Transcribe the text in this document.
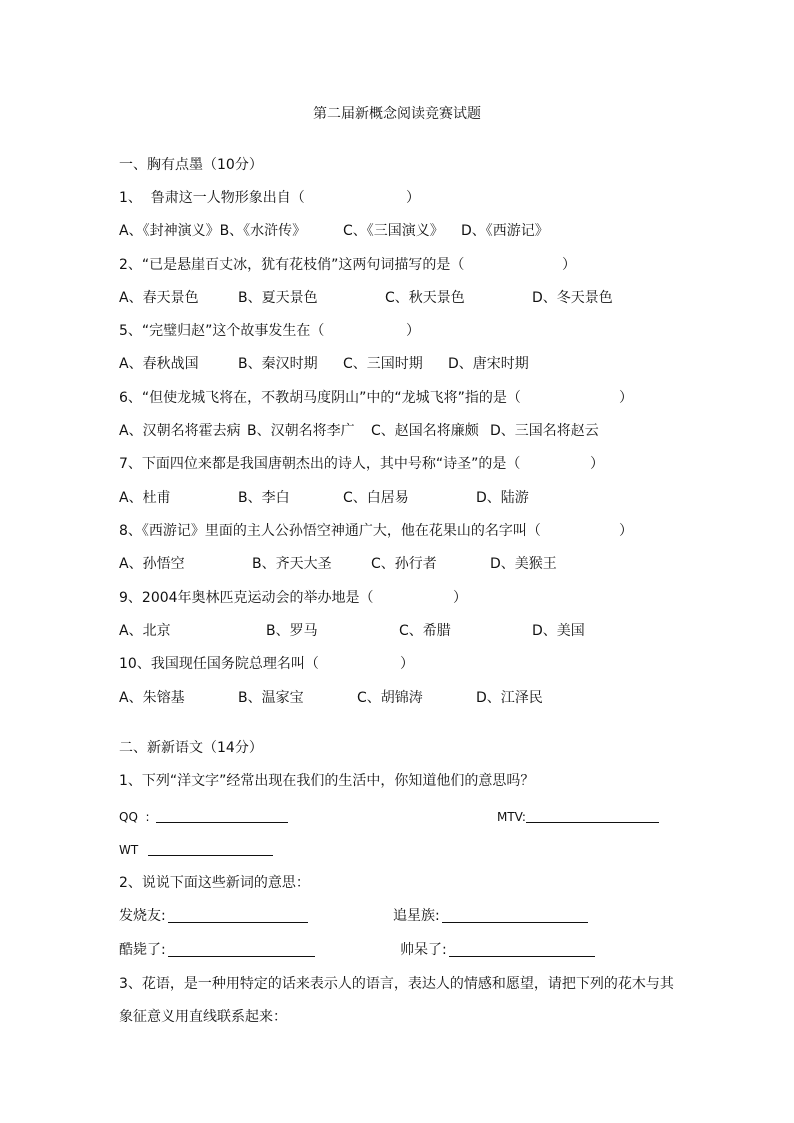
第二届新概念阅读竞赛试题
一、胸有点墨（10分）
1、  鲁肃这一人物形象出自（	）
A、《封神演义》B、《水浒传》	C、《三国演义》 D、《西游记》
2、“已是悬崖百丈冰，犹有花枝俏”这两句词描写的是（	）
A、春天景色	B、夏天景色	C、秋天景色	D、冬天景色
5、“完璧归赵”这个故事发生在（	）
A、春秋战国	B、秦汉时期 C、三国时期 D、唐宋时期
6、“但使龙城飞将在，不教胡马度阴山”中的“龙城飞将”指的是（	）
A、汉朝名将霍去病 B、汉朝名将李广 C、赵国名将廉颇 D、三国名将赵云
7、下面四位来都是我国唐朝杰出的诗人，其中号称“诗圣”的是（	）
A、杜甫	B、李白	C、白居易	D、陆游
8、《西游记》里面的主人公孙悟空神通广大，他在花果山的名字叫（	）
A、孙悟空	B、齐天大圣	C、孙行者	D、美猴王
9、2004年奥林匹克运动会的举办地是（	）
A、北京	B、罗马	C、希腊	D、美国
10、我国现任国务院总理名叫（	）
A、朱镕基	B、温家宝	C、胡锦涛	D、江泽民
二、新新语文（14分）
1、下列“洋文字”经常出现在我们的生活中，你知道他们的意思吗？
QQ  :	MTV:
WT
2、说说下面这些新词的意思：
发烧友:	追星族:
酷毙了:	帅呆了:
3、花语，是一种用特定的话来表示人的语言，表达人的情感和愿望，请把下列的花木与其
象征意义用直线联系起来：
